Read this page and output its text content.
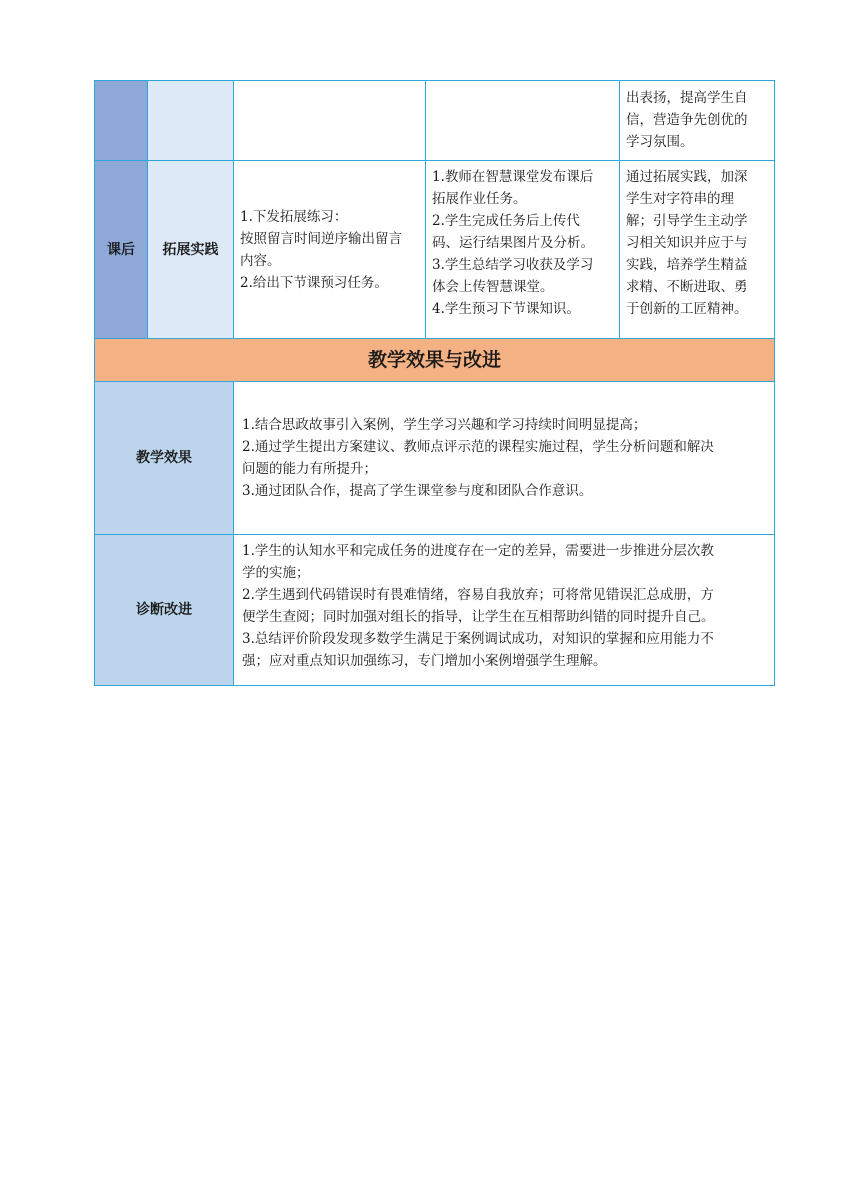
出表扬，提高学生自
信，营造争先创优的
学习氛围。
课后 拓展实践
1.下发拓展练习：
按照留言时间逆序输出留言
内容。
2.给出下节课预习任务。
1.教师在智慧课堂发布课后
拓展作业任务。
2.学生完成任务后上传代
码、运行结果图片及分析。
3.学生总结学习收获及学习
体会上传智慧课堂。
4.学生预习下节课知识。
通过拓展实践，加深
学生对字符串的理
解；引导学生主动学
习相关知识并应于与
实践，培养学生精益
求精、不断进取、勇
于创新的工匠精神。
教学效果与改进
教学效果
1.结合思政故事引入案例，学生学习兴趣和学习持续时间明显提高；
2.通过学生提出方案建议、教师点评示范的课程实施过程，学生分析问题和解决
问题的能力有所提升；
3.通过团队合作，提高了学生课堂参与度和团队合作意识。
诊断改进
1.学生的认知水平和完成任务的进度存在一定的差异，需要进一步推进分层次教
学的实施；
2.学生遇到代码错误时有畏难情绪，容易自我放弃；可将常见错误汇总成册，方
便学生查阅；同时加强对组长的指导，让学生在互相帮助纠错的同时提升自己。
3.总结评价阶段发现多数学生满足于案例调试成功，对知识的掌握和应用能力不
强；应对重点知识加强练习，专门增加小案例增强学生理解。
